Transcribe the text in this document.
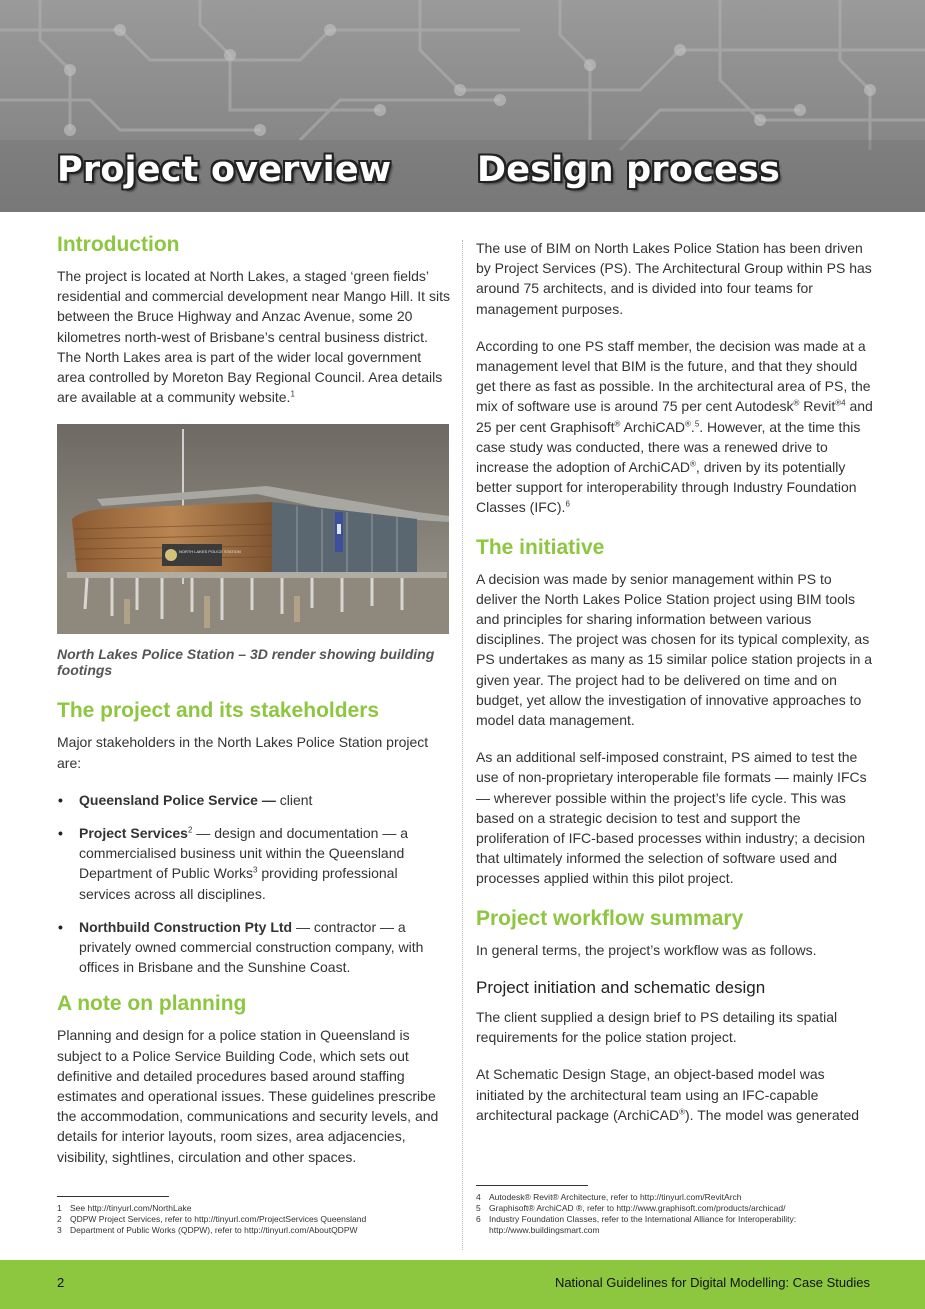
Project overview Design process
Introduction

The project is located at North Lakes, a staged ‘green fields’ residential and commercial development near Mango Hill. It sits between the Bruce Highway and Anzac Avenue, some 20 kilometres north-west of Brisbane’s central business district. The North Lakes area is part of the wider local government area controlled by Moreton Bay Regional Council. Area details are available at a community website.$^1$

NORTH LAKES POLICE STATION

North Lakes Police Station – 3D render showing building footings

The project and its stakeholders

Major stakeholders in the North Lakes Police Station project are:

• Queensland Police Service — client
• Project Services$^2$ — design and documentation — a commercialised business unit within the Queensland Department of Public Works$^3$ providing professional services across all disciplines.
• Northbuild Construction Pty Ltd — contractor — a privately owned commercial construction company, with offices in Brisbane and the Sunshine Coast.
A note on planning

Planning and design for a police station in Queensland is subject to a Police Service Building Code, which sets out definitive and detailed procedures based around staffing estimates and operational issues. These guidelines prescribe the accommodation, communications and security levels, and details for interior layouts, room sizes, area adjacencies, visibility, sightlines, circulation and other spaces.

1 See http://tinyurl.com/NorthLake
2 QDPW Project Services, refer to http://tinyurl.com/ProjectServices Queensland
3 Department of Public Works (QDPW), refer to http://tinyurl.com/AboutQDPW

The use of BIM on North Lakes Police Station has been driven by Project Services (PS). The Architectural Group within PS has around 75 architects, and is divided into four teams for management purposes.

According to one PS staff member, the decision was made at a management level that BIM is the future, and that they should get there as fast as possible. In the architectural area of PS, the mix of software use is around 75 per cent Autodesk® Revit$^{®4}$ and 25 per cent Graphisoft® ArchiCAD®.$^5$. However, at the time this case study was conducted, there was a renewed drive to increase the adoption of ArchiCAD®, driven by its potentially better support for interoperability through Industry Foundation Classes (IFC).$^6$

The initiative

A decision was made by senior management within PS to deliver the North Lakes Police Station project using BIM tools and principles for sharing information between various disciplines. The project was chosen for its typical complexity, as PS undertakes as many as 15 similar police station projects in a given year. The project had to be delivered on time and on budget, yet allow the investigation of innovative approaches to model data management.

As an additional self-imposed constraint, PS aimed to test the use of non-proprietary interoperable file formats — mainly IFCs — wherever possible within the project’s life cycle. This was based on a strategic decision to test and support the proliferation of IFC-based processes within industry; a decision that ultimately informed the selection of software used and processes applied within this pilot project.

Project workflow summary

In general terms, the project’s workflow was as follows.

Project initiation and schematic design

The client supplied a design brief to PS detailing its spatial requirements for the police station project.

At Schematic Design Stage, an object-based model was initiated by the architectural team using an IFC-capable architectural package (ArchiCAD®). The model was generated

4 Autodesk® Revit® Architecture, refer to http://tinyurl.com/RevitArch
5 Graphisoft® ArchiCAD ®, refer to http://www.graphisoft.com/products/archicad/
6 Industry Foundation Classes, refer to the International Alliance for Interoperability:
http://www.buildingsmart.com
2	National Guidelines for Digital Modelling: Case Studies
